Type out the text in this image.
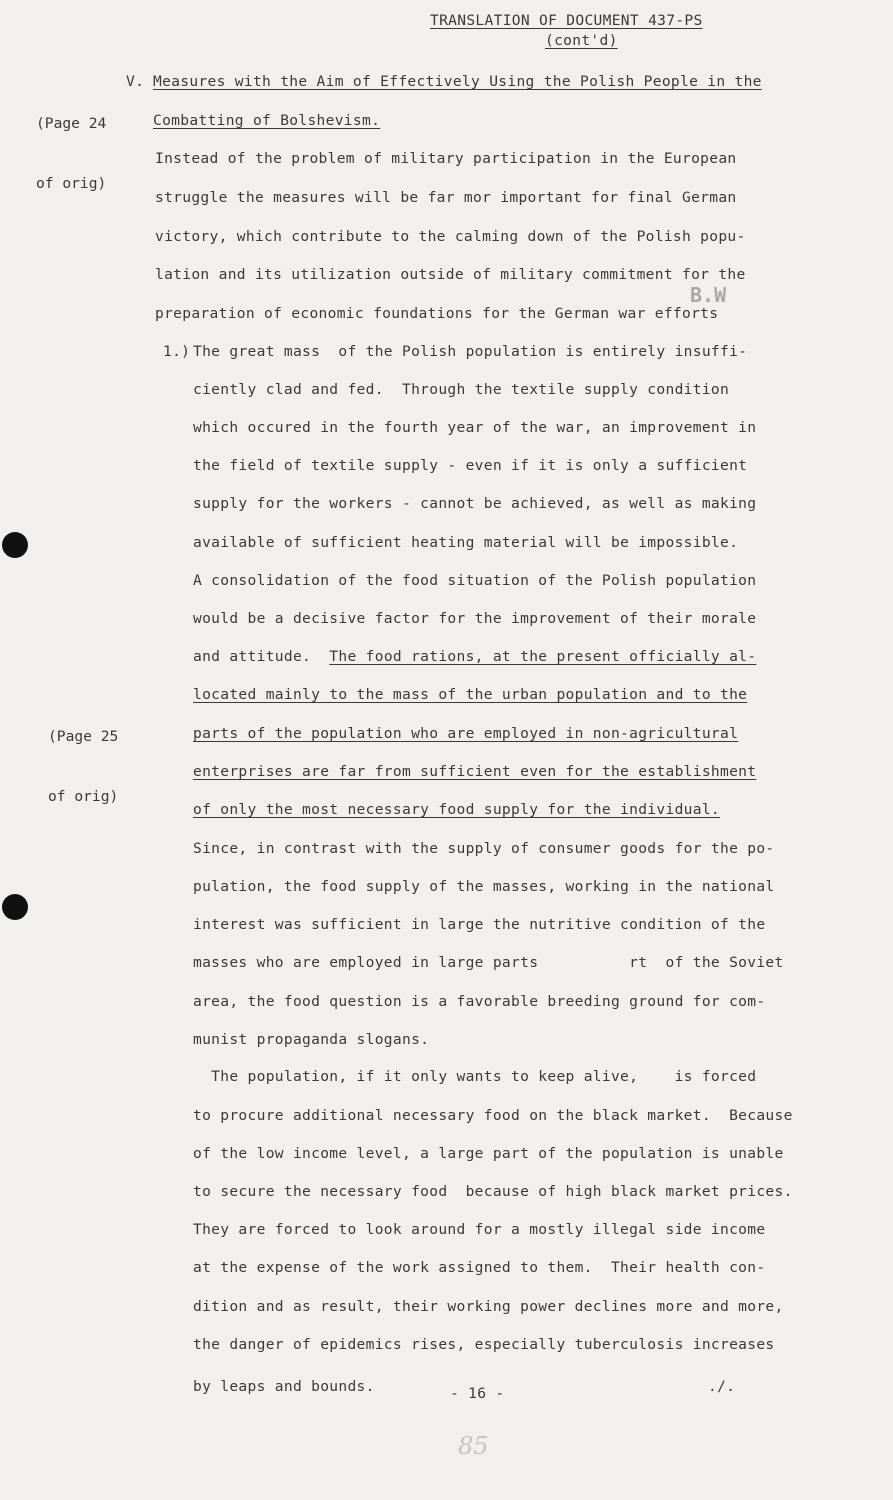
TRANSLATION OF DOCUMENT 437-PS
(cont'd)

(Page 24

of orig)

V. Measures with the Aim of Effectively Using the Polish People in the
Combatting of Bolshevism.
Instead of the problem of military participation in the European
struggle the measures will be far mor important for final German
victory, which contribute to the calming down of the Polish popu-
lation and its utilization outside of military commitment for the
preparation of economic foundations for the German war efforts
B.W
1.) The great mass  of the Polish population is entirely insuffi-
ciently clad and fed.  Through the textile supply condition
which occured in the fourth year of the war, an improvement in
the field of textile supply - even if it is only a sufficient
supply for the workers - cannot be achieved, as well as making
available of sufficient heating material will be impossible.
A consolidation of the food situation of the Polish population
would be a decisive factor for the improvement of their morale
and attitude.  The food rations, at the present officially al-

(Page 25

of orig)

located mainly to the mass of the urban population and to the
parts of the population who are employed in non-agricultural
enterprises are far from sufficient even for the establishment
of only the most necessary food supply for the individual.
Since, in contrast with the supply of consumer goods for the po-
pulation, the food supply of the masses, working in the national
interest was sufficient in large the nutritive condition of the
masses who are employed in large parts          rt  of the Soviet
area, the food question is a favorable breeding ground for com-
munist propaganda slogans.
The population, if it only wants to keep alive,    is forced
to procure additional necessary food on the black market.  Because
of the low income level, a large part of the population is unable
to secure the necessary food  because of high black market prices.
They are forced to look around for a mostly illegal side income
at the expense of the work assigned to them.  Their health con-
dition and as result, their working power declines more and more,
the danger of epidemics rises, especially tuberculosis increases
by leaps and bounds.	- 16 -	./.
85
